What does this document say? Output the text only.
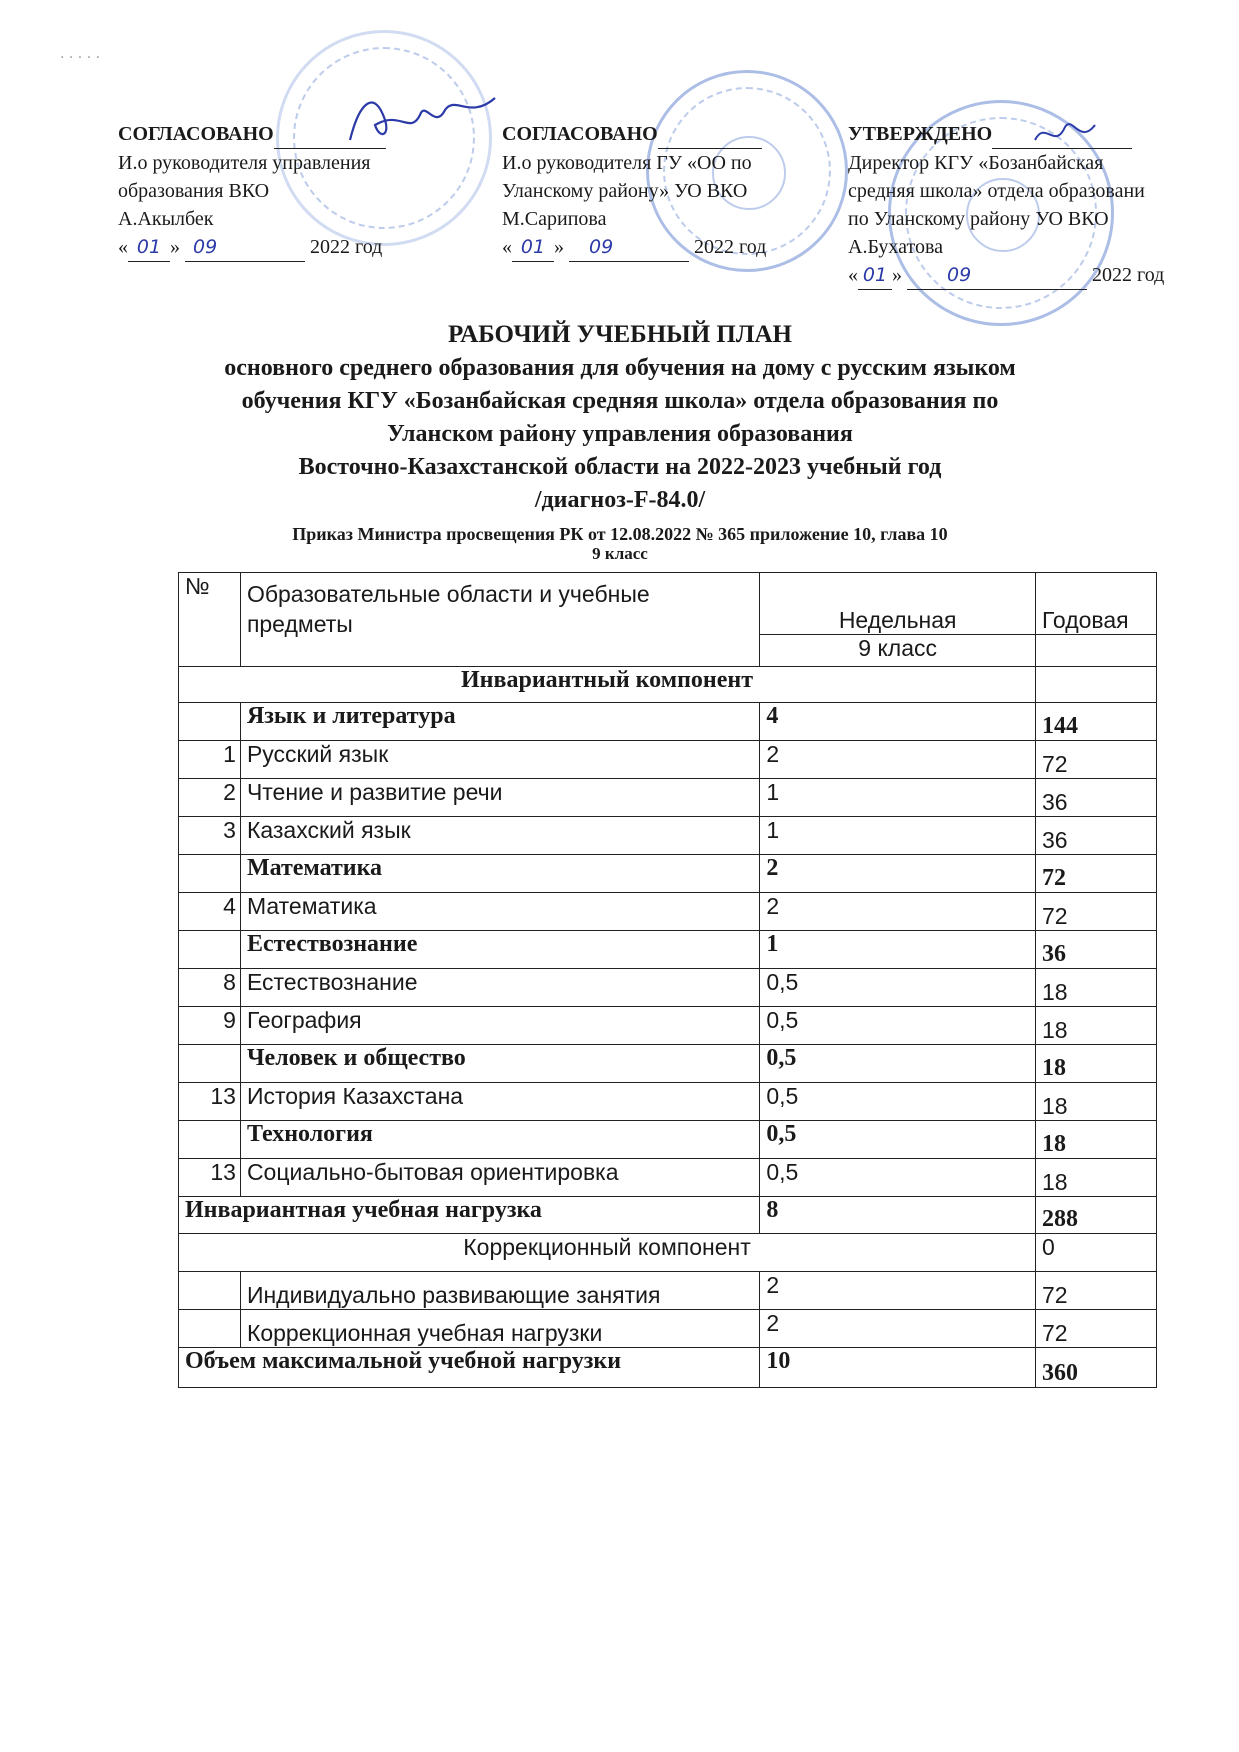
· · · · ·
СОГЛАСОВАНО
И.о руководителя управления
образования ВКО
А.Акылбек
« 01 » 09	2022 год
СОГЛАСОВАНО
И.о руководителя ГУ «ОО по
Уланскому району» УО ВКО
М.Сарипова
« 01 » 09	2022 год
УТВЕРЖДЕНО
Директор КГУ «Бозанбайская
средняя школа» отдела образовани
по Уланскому району УО ВКО
А.Бухатова
« 01 » 09	2022 год
РАБОЧИЙ УЧЕБНЫЙ ПЛАН
основного среднего образования для обучения на дому с русским языком
обучения КГУ «Бозанбайская средняя школа» отдела образования по
Уланском району управления образования
Восточно-Казахстанской области на 2022-2023 учебный год
/диагноз-F-84.0/
Приказ Министра просвещения РК от 12.08.2022 № 365 приложение 10, глава 10
9 класс
№	Образовательные области и учебные предметы	Недельная	Годовая
		9 класс	
Инвариантный компонент			
	Язык и литература	4	144
1	Русский язык	2	72
2	Чтение и развитие речи	1	36
3	Казахский язык	1	36
	Математика	2	72
4	Математика	2	72
	Естествознание	1	36
8	Естествознание	0,5	18
9	География	0,5	18
	Человек и общество	0,5	18
13	История Казахстана	0,5	18
	Технология	0,5	18
13	Социально-бытовая ориентировка	0,5	18
Инвариантная учебная нагрузка		8	288
Коррекционный компонент			0
	Индивидуально развивающие занятия	2	72
	Коррекционная учебная нагрузки	2	72
Объем максимальной учебной нагрузки		10	360
